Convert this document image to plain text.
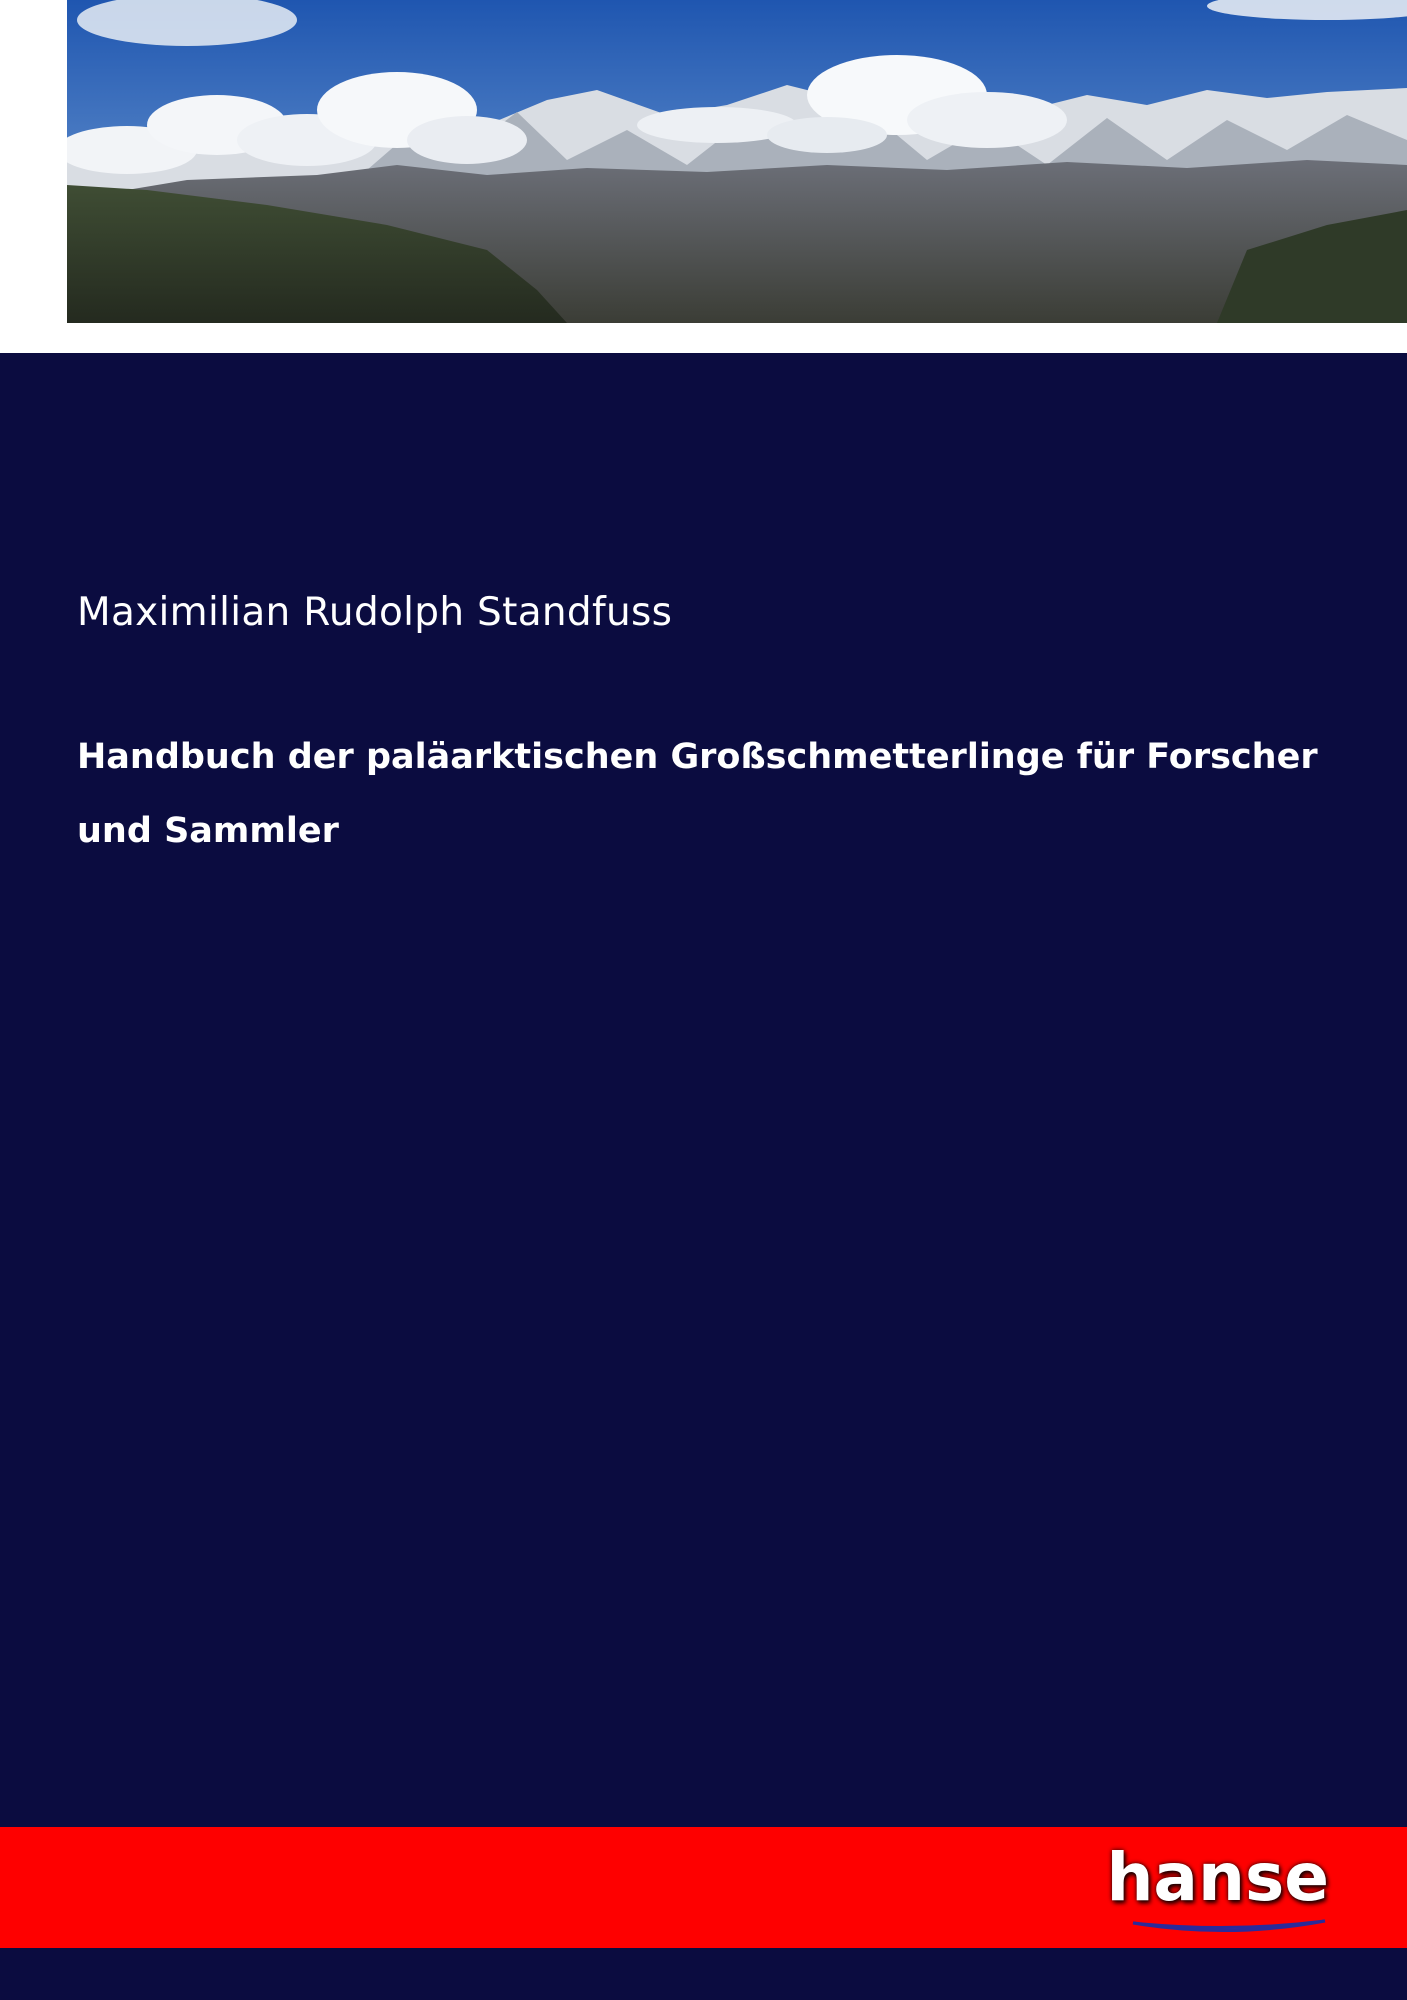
Maximilian Rudolph Standfuss
Handbuch der paläarktischen Großschmetterlinge für Forscher und Sammler
hanse
